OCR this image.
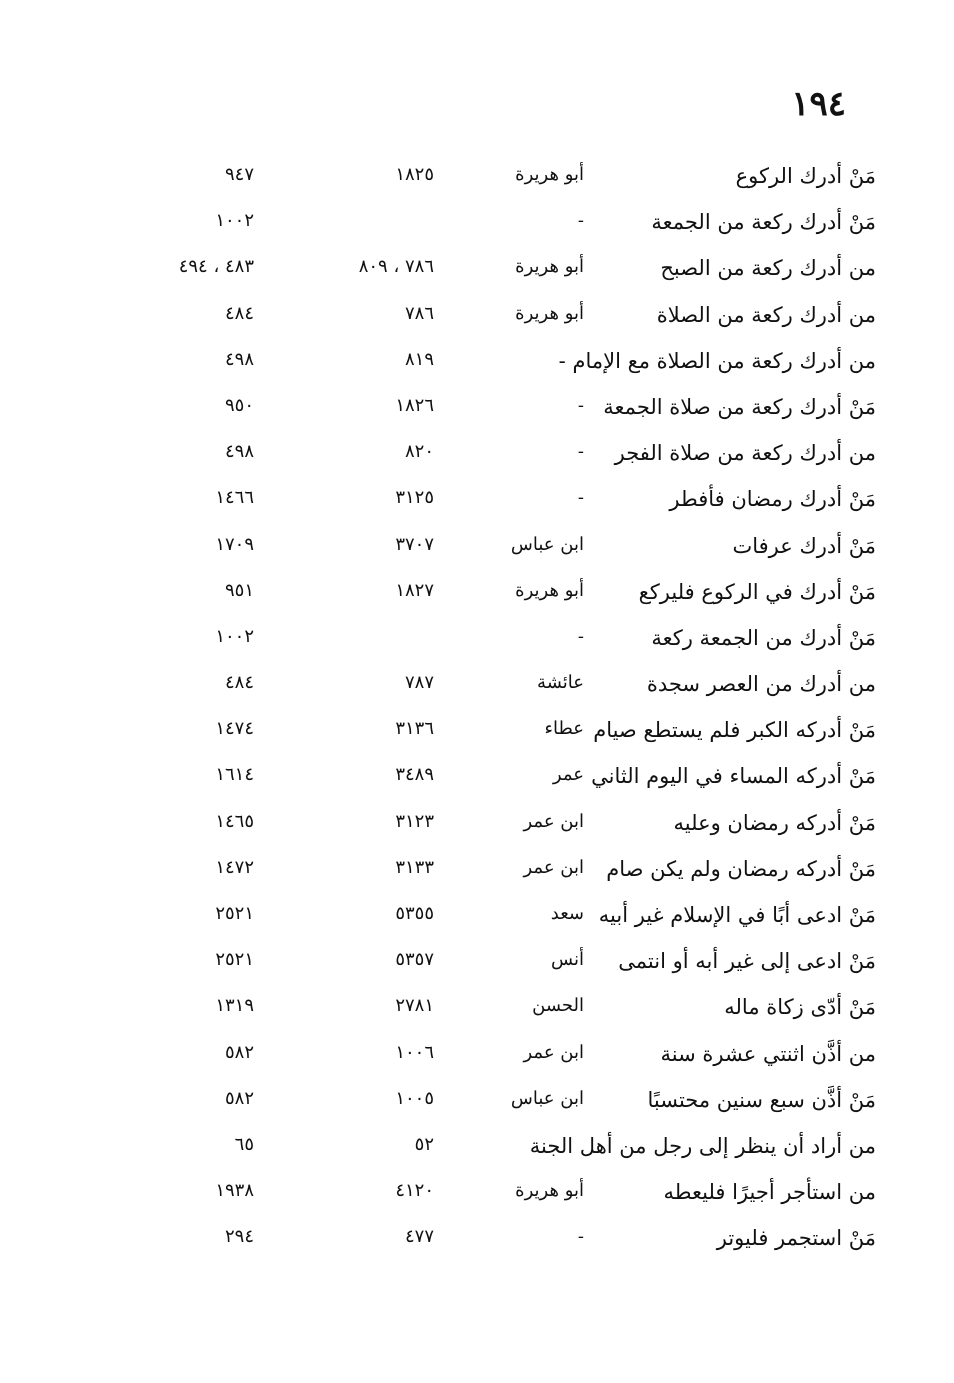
١٩٤
مَنْ أدرك الركوع
أبو هريرة
١٨٢٥
٩٤٧
مَنْ أدرك ركعة من الجمعة
-
١٠٠٢
من أدرك ركعة من الصبح
أبو هريرة
٧٨٦ ، ٨٠٩
٤٨٣ ، ٤٩٤
من أدرك ركعة من الصلاة
أبو هريرة
٧٨٦
٤٨٤
من أدرك ركعة من الصلاة مع الإمام -
٨١٩
٤٩٨
مَنْ أدرك ركعة من صلاة الجمعة
-
١٨٢٦
٩٥٠
من أدرك ركعة من صلاة الفجر
-
٨٢٠
٤٩٨
مَنْ أدرك رمضان فأفطر
-
٣١٢٥
١٤٦٦
مَنْ أدرك عرفات
ابن عباس
٣٧٠٧
١٧٠٩
مَنْ أدرك في الركوع فليركع
أبو هريرة
١٨٢٧
٩٥١
مَنْ أدرك من الجمعة ركعة
-
١٠٠٢
من أدرك من العصر سجدة
عائشة
٧٨٧
٤٨٤
مَنْ أدركه الكبر فلم يستطع صيام
عطاء
٣١٣٦
١٤٧٤
مَنْ أدركه المساء في اليوم الثاني
عمر
٣٤٨٩
١٦١٤
مَنْ أدركه رمضان وعليه
ابن عمر
٣١٢٣
١٤٦٥
مَنْ أدركه رمضان ولم يكن صام
ابن عمر
٣١٣٣
١٤٧٢
مَنْ ادعى أبًا في الإسلام غير أبيه
سعد
٥٣٥٥
٢٥٢١
مَنْ ادعى إلى غير أبه أو انتمى
أنس
٥٣٥٧
٢٥٢١
مَنْ أدّى زكاة ماله
الحسن
٢٧٨١
١٣١٩
من أذَّن اثنتي عشرة سنة
ابن عمر
١٠٠٦
٥٨٢
مَنْ أذَّن سبع سنين محتسبًا
ابن عباس
١٠٠٥
٥٨٢
من أراد أن ينظر إلى رجل من أهل الجنة
٥٢
٦٥
من استأجر أجيرًا فليعطه
أبو هريرة
٤١٢٠
١٩٣٨
مَنْ استجمر فليوتر
-
٤٧٧
٢٩٤
